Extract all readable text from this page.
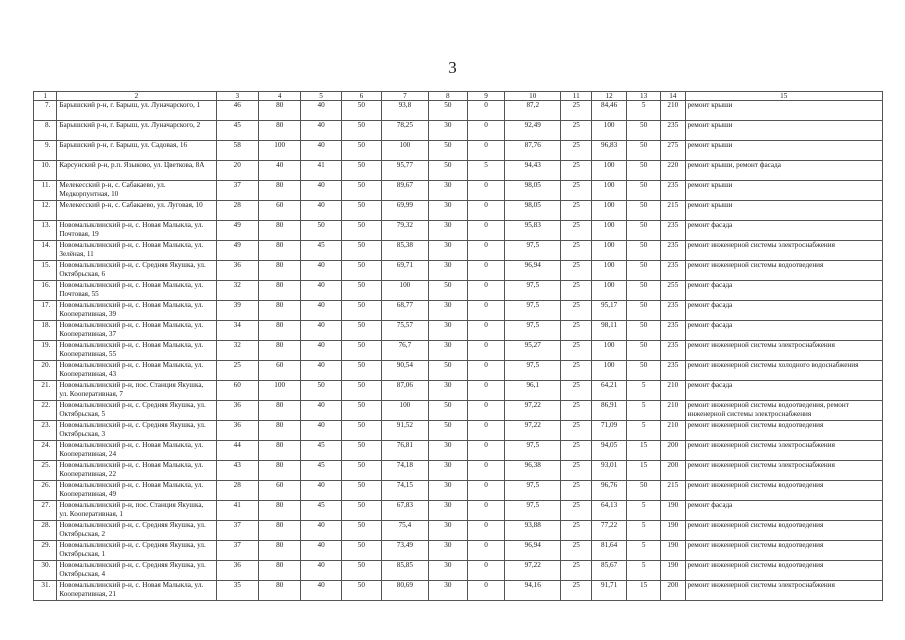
3
1	2	3	4	5	6	7	8	9	10	11	12	13	14	15
7.	Барышский р-н, г. Барыш, ул. Луначарского, 1	46	80	40	50	93,8	50	0	87,2	25	84,46	5	210	ремонт крыши
8.	Барышский р-н, г. Барыш, ул. Луначарского, 2	45	80	40	50	78,25	30	0	92,49	25	100	50	235	ремонт крыши
9.	Барышский р-н, г. Барыш, ул. Садовая, 16	58	100	40	50	100	50	0	87,76	25	96,83	50	275	ремонт крыши
10.	Карсунский р-н, р.п. Языково, ул. Цветкова, 8А	20	40	41	50	95,77	50	5	94,43	25	100	50	220	ремонт крыши, ремонт фасада
11.	Мелекесский р-н, с. Сабакаево, ул. Медкорпунтная, 10	37	80	40	50	89,67	30	0	98,05	25	100	50	235	ремонт крыши
12.	Мелекесский р-н, с. Сабакаево, ул. Луговая, 10	28	60	40	50	69,99	30	0	98,05	25	100	50	215	ремонт крыши
13.	Новомалыклинский р-н, с. Новая Малыкла, ул. Почтовая, 19	49	80	50	50	79,32	30	0	95,83	25	100	50	235	ремонт фасада
14.	Новомалыклинский р-н, с. Новая Малыкла, ул. Зелёная, 11	49	80	45	50	85,38	30	0	97,5	25	100	50	235	ремонт инженерной системы электроснабжения
15.	Новомалыклинский р-н, с. Средняя Якушка, ул. Октябрьская, 6	36	80	40	50	69,71	30	0	96,94	25	100	50	235	ремонт инженерной системы водоотведения
16.	Новомалыклинский р-н, с. Новая Малыкла, ул. Почтовая, 55	32	80	40	50	100	50	0	97,5	25	100	50	255	ремонт фасада
17.	Новомалыклинский р-н, с. Новая Малыкла, ул. Кооперативная, 39	39	80	40	50	68,77	30	0	97,5	25	95,17	50	235	ремонт фасада
18.	Новомалыклинский р-н, с. Новая Малыкла, ул. Кооперативная, 37	34	80	40	50	75,57	30	0	97,5	25	98,11	50	235	ремонт фасада
19.	Новомалыклинский р-н, с. Новая Малыкла, ул. Кооперативная, 55	32	80	40	50	76,7	30	0	95,27	25	100	50	235	ремонт инженерной системы электроснабжения
20.	Новомалыклинский р-н, с. Новая Малыкла, ул. Кооперативная, 43	25	60	40	50	90,54	50	0	97,5	25	100	50	235	ремонт инженерной системы холодного водоснабжения
21.	Новомалыклинский р-н, пос. Станция Якушка, ул. Кооперативная, 7	60	100	50	50	87,06	30	0	96,1	25	64,21	5	210	ремонт фасада
22.	Новомалыклинский р-н, с. Средняя Якушка, ул. Октябрьская, 5	36	80	40	50	100	50	0	97,22	25	86,91	5	210	ремонт инженерной системы водоотведения, ремонт инженерной системы электроснабжения
23.	Новомалыклинский р-н, с. Средняя Якушка, ул. Октябрьская, 3	36	80	40	50	91,52	50	0	97,22	25	71,09	5	210	ремонт инженерной системы водоотведения
24.	Новомалыклинский р-н, с. Новая Малыкла, ул. Кооперативная, 24	44	80	45	50	76,81	30	0	97,5	25	94,05	15	200	ремонт инженерной системы электроснабжения
25.	Новомалыклинский р-н, с. Новая Малыкла, ул. Кооперативная, 22	43	80	45	50	74,18	30	0	96,38	25	93,01	15	200	ремонт инженерной системы электроснабжения
26.	Новомалыклинский р-н, с. Новая Малыкла, ул. Кооперативная, 49	28	60	40	50	74,15	30	0	97,5	25	96,76	50	215	ремонт инженерной системы водоотведения
27.	Новомалыклинский р-н, пос. Станция Якушка, ул. Кооперативная, 1	41	80	45	50	67,83	30	0	97,5	25	64,13	5	190	ремонт фасада
28.	Новомалыклинский р-н, с. Средняя Якушка, ул. Октябрьская, 2	37	80	40	50	75,4	30	0	93,88	25	77,22	5	190	ремонт инженерной системы водоотведения
29.	Новомалыклинский р-н, с. Средняя Якушка, ул. Октябрьская, 1	37	80	40	50	73,49	30	0	96,94	25	81,64	5	190	ремонт инженерной системы водоотведения
30.	Новомалыклинский р-н, с. Средняя Якушка, ул. Октябрьская, 4	36	80	40	50	85,85	30	0	97,22	25	85,67	5	190	ремонт инженерной системы водоотведения
31.	Новомалыклинский р-н, с. Новая Малыкла, ул. Кооперативная, 21	35	80	40	50	80,69	30	0	94,16	25	91,71	15	200	ремонт инженерной системы электроснабжения
